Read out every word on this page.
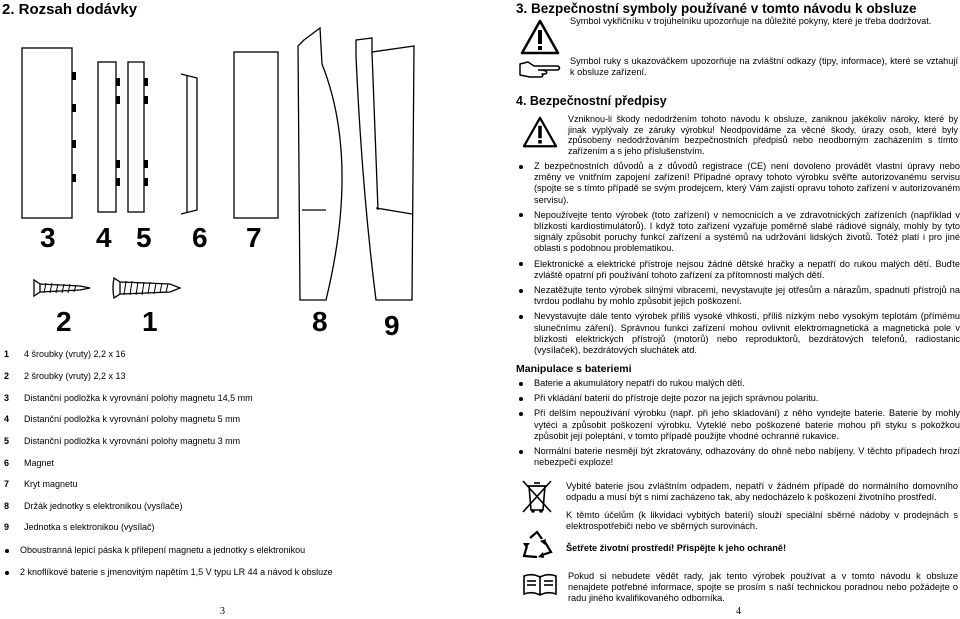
2. Rozsah dodávky
3 4 5 6 7
2	1	8 9
1	4 šroubky (vruty) 2,2 x 16
2	2 šroubky (vruty) 2,2 x 13
3	Distanční podložka k vyrovnání polohy magnetu 14,5 mm
4	Distanční podložka k vyrovnání polohy magnetu 5 mm
5	Distanční podložka k vyrovnání polohy magnetu 3 mm
6	Magnet
7	Kryt magnetu
8	Držák jednotky s elektronikou (vysílače)
9	Jednotka s elektronikou (vysílač)
Oboustranná lepicí páska k přilepení magnetu a jednotky s elektronikou
2 knoflíkové baterie s jmenovitým napětím 1,5 V typu LR 44 a návod k obsluze
3
3. Bezpečnostní symboly používané v tomto návodu k obsluze
Symbol vykřičníku v trojúhelníku upozorňuje na důležité pokyny, které je třeba dodržovat.
Symbol ruky s ukazováčkem upozorňuje na zvláštní odkazy (tipy, informace), které se vztahují k obsluze zařízení.
4. Bezpečnostní předpisy
Vzniknou-li škody nedodržením tohoto návodu k obsluze, zaniknou jakékoliv nároky, které by jinak vyplývaly ze záruky výrobku! Neodpovídáme za věcné škody, úrazy osob, které byly způsobeny nedodržováním bezpečnostních předpisů nebo neodborným zacházením s tímto zařízením a s jeho příslušenstvím.
Z bezpečnostních důvodů a z důvodů registrace (CE) není dovoleno provádět vlastní úpravy nebo změny ve vnitřním zapojení zařízení! Případné opravy tohoto výrobku svěřte autorizovanému servisu (spojte se s tímto případě se svým prodejcem, který Vám zajistí opravu tohoto zařízení v autorizovaném servisu).
Nepoužívejte tento výrobek (toto zařízení) v nemocnicích a ve zdravotnických zařízeních (například v blízkosti kardiostimulátorů). I když toto zařízení vyzařuje poměrně slabé rádiové signály, mohly by tyto signály způsobit poruchy funkcí zařízení a systémů na udržování lidských životů. Totéž platí i pro jiné oblasti s podobnou problematikou.
Elektronické a elektrické přístroje nejsou žádné dětské hračky a nepatří do rukou malých dětí. Buďte zvláště opatrní při používání tohoto zařízení za přítomnosti malých dětí.
Nezatěžujte tento výrobek silnými vibracemi, nevystavujte jej otřesům a nárazům, spadnutí přístrojů na tvrdou podlahu by mohlo způsobit jejich poškození.
Nevystavujte dále tento výrobek příliš vysoké vlhkosti, příliš nízkým nebo vysokým teplotám (přímému slunečnímu záření). Správnou funkci zařízení mohou ovlivnit elektromagnetická a magnetická pole v blízkosti elektrických přístrojů (motorů) nebo reproduktorů, bezdrátových telefonů, radiostanic (vysílaček), bezdrátových sluchátek atd.
Manipulace s bateriemi
Baterie a akumulátory nepatří do rukou malých dětí.
Při vkládání baterií do přístroje dejte pozor na jejich správnou polaritu.
Při delším nepoužívání výrobku (např. při jeho skladování) z něho vyndejte baterie. Baterie by mohly vytéci a způsobit poškození výrobku. Vyteklé nebo poškozené baterie mohou při styku s pokožkou způsobit její poleptání, v tomto případě použijte vhodné ochranné rukavice.
Normální baterie nesmějí být zkratovány, odhazovány do ohně nebo nabíjeny. V těchto případech hrozí nebezpečí exploze!
Vybité baterie jsou zvláštním odpadem, nepatří v žádném případě do normálního domovního odpadu a musí být s nimi zacházeno tak, aby nedocházelo k poškození životního prostředí.
K těmto účelům (k likvidaci vybitých baterií) slouží speciální sběrné nádoby v prodejnách s elektrospotřebiči nebo ve sběrných surovinách.
Šetřete životní prostředí! Přispějte k jeho ochraně!
Pokud si nebudete vědět rady, jak tento výrobek používat a v tomto návodu k obsluze nenajdete potřebné informace, spojte se prosím s naší technickou poradnou nebo požádejte o radu jiného kvalifikovaného odborníka.
4
